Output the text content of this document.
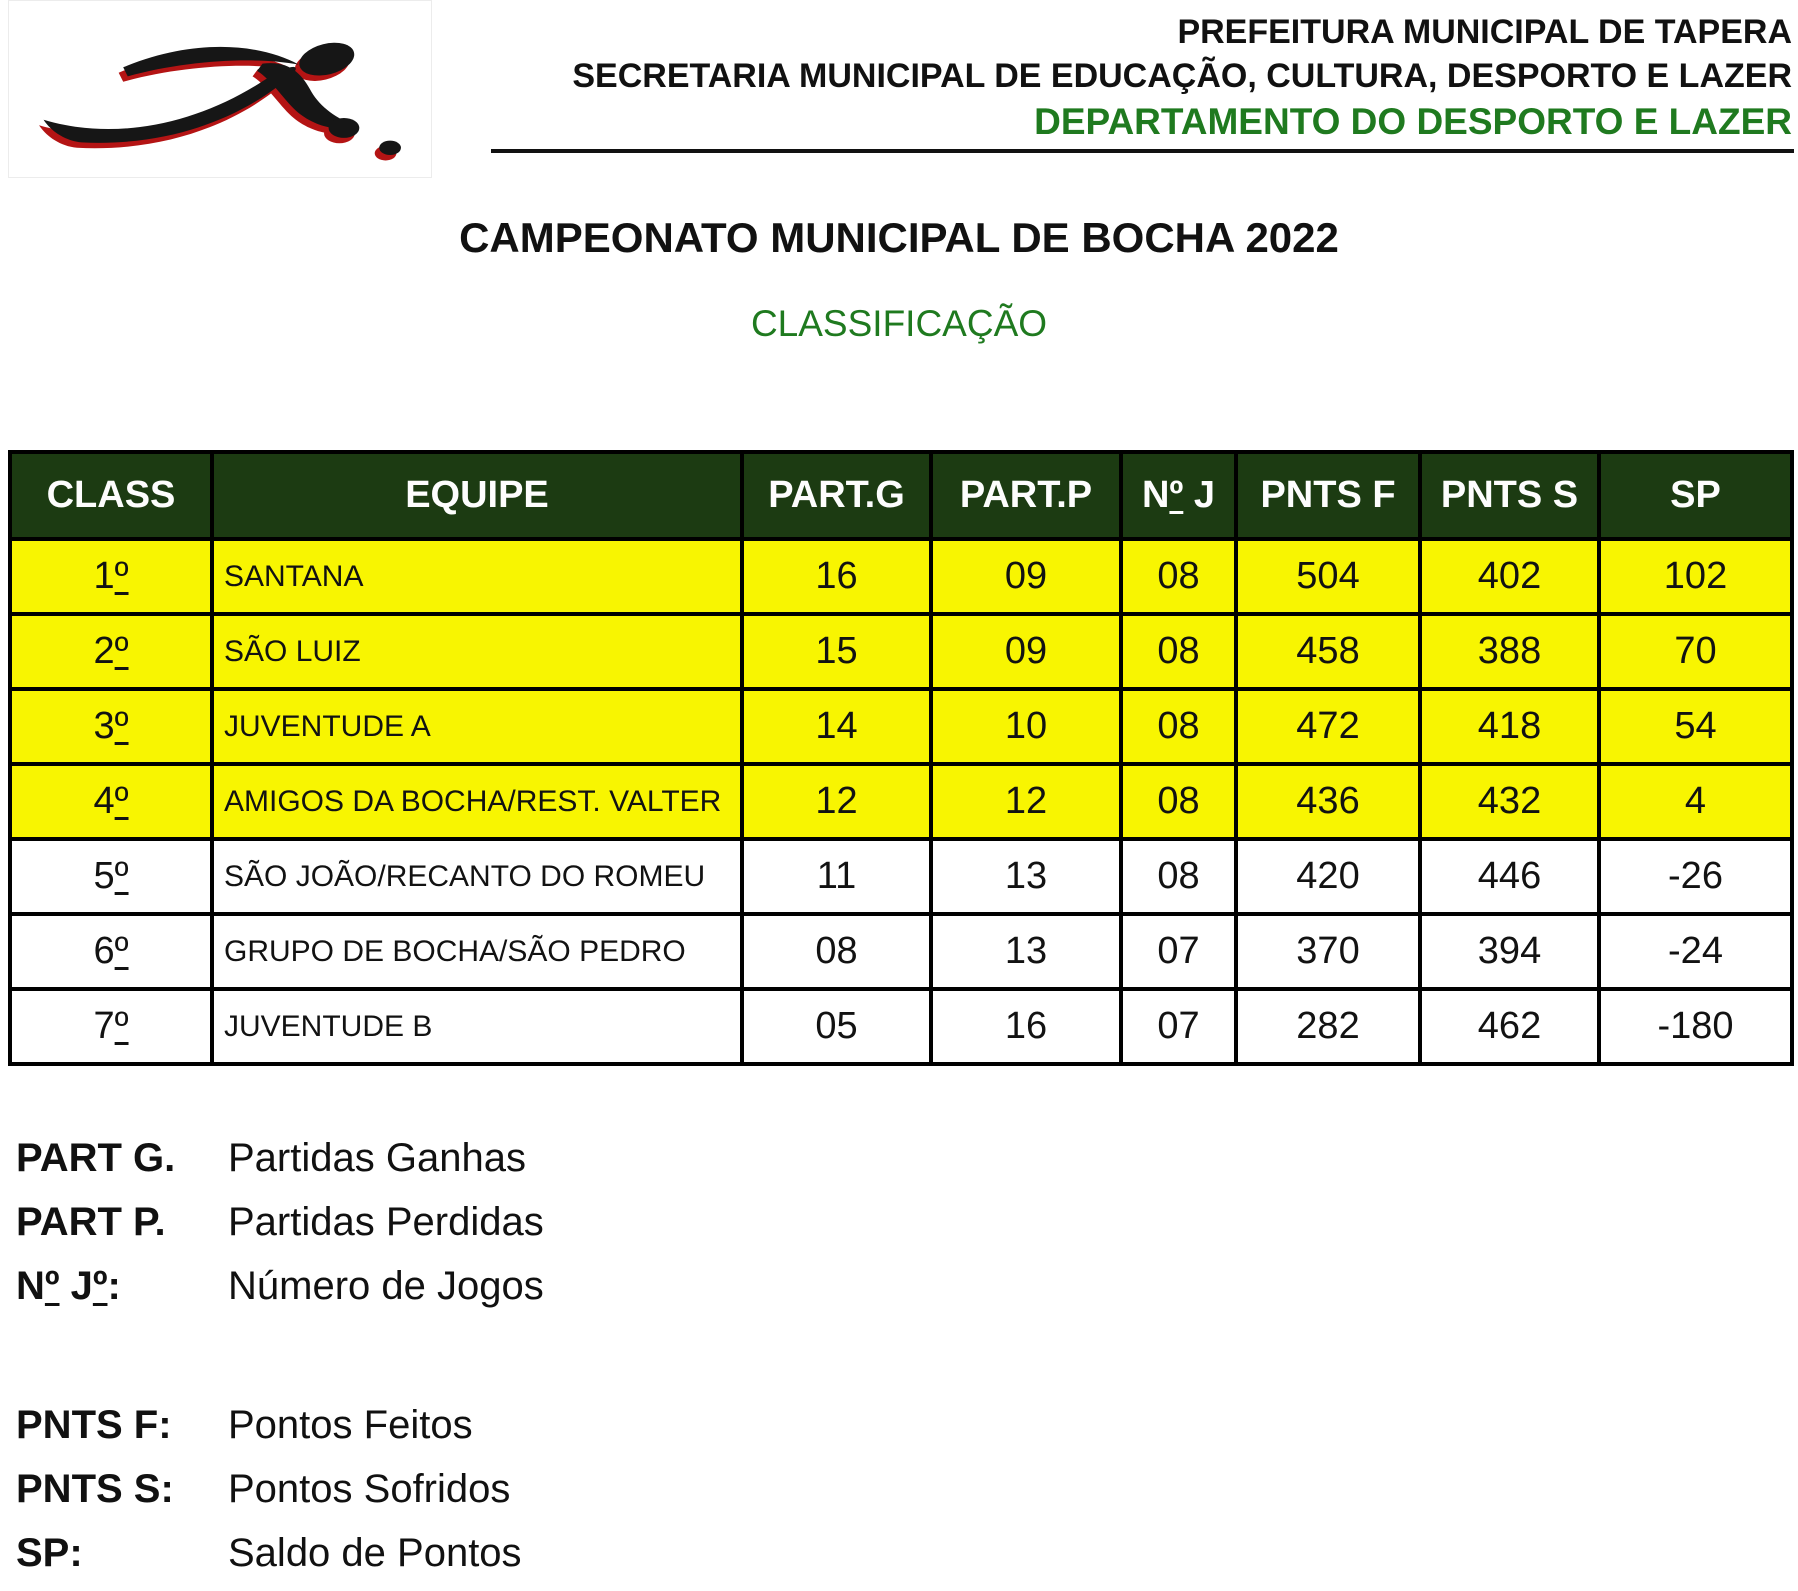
PREFEITURA MUNICIPAL DE TAPERA
SECRETARIA MUNICIPAL DE EDUCAÇÃO, CULTURA, DESPORTO E LAZER
DEPARTAMENTO DO DESPORTO E LAZER
CAMPEONATO MUNICIPAL DE BOCHA 2022
CLASSIFICAÇÃO
CLASS	EQUIPE	PART.G	PART.P	Nº J	PNTS F	PNTS S	SP
1º	SANTANA	16	09	08	504	402	102
2º	SÃO LUIZ	15	09	08	458	388	70
3º	JUVENTUDE A	14	10	08	472	418	54
4º	AMIGOS DA BOCHA/REST. VALTER	12	12	08	436	432	4
5º	SÃO JOÃO/RECANTO DO ROMEU	11	13	08	420	446	-26
6º	GRUPO DE BOCHA/SÃO PEDRO	08	13	07	370	394	-24
7º	JUVENTUDE B	05	16	07	282	462	-180
PART G.	Partidas Ganhas
PART P.	Partidas Perdidas
Nº Jº:	Número de Jogos
PNTS F:	Pontos Feitos
PNTS S:	Pontos Sofridos
SP:	Saldo de Pontos
